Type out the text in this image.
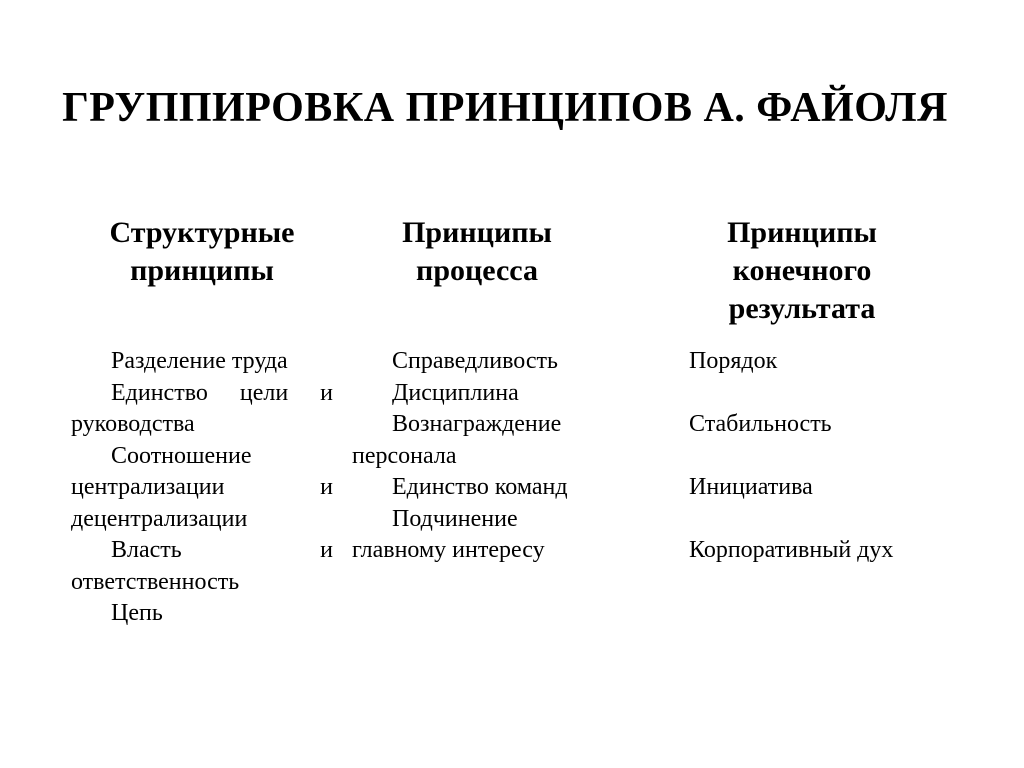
ГРУППИРОВКА ПРИНЦИПОВ А. ФАЙОЛЯ
Структурные
принципы
Принципы
процесса
Принципы
конечного
результата
Разделение труда
Единство цели и
руководства
Соотношение
централизации и
децентрализации
Власть и
ответственность
Цепь
Справедливость
Дисциплина
Вознаграждение
персонала
Единство команд
Подчинение
главному интересу
Порядок
Стабильность
Инициатива
Корпоративный дух
